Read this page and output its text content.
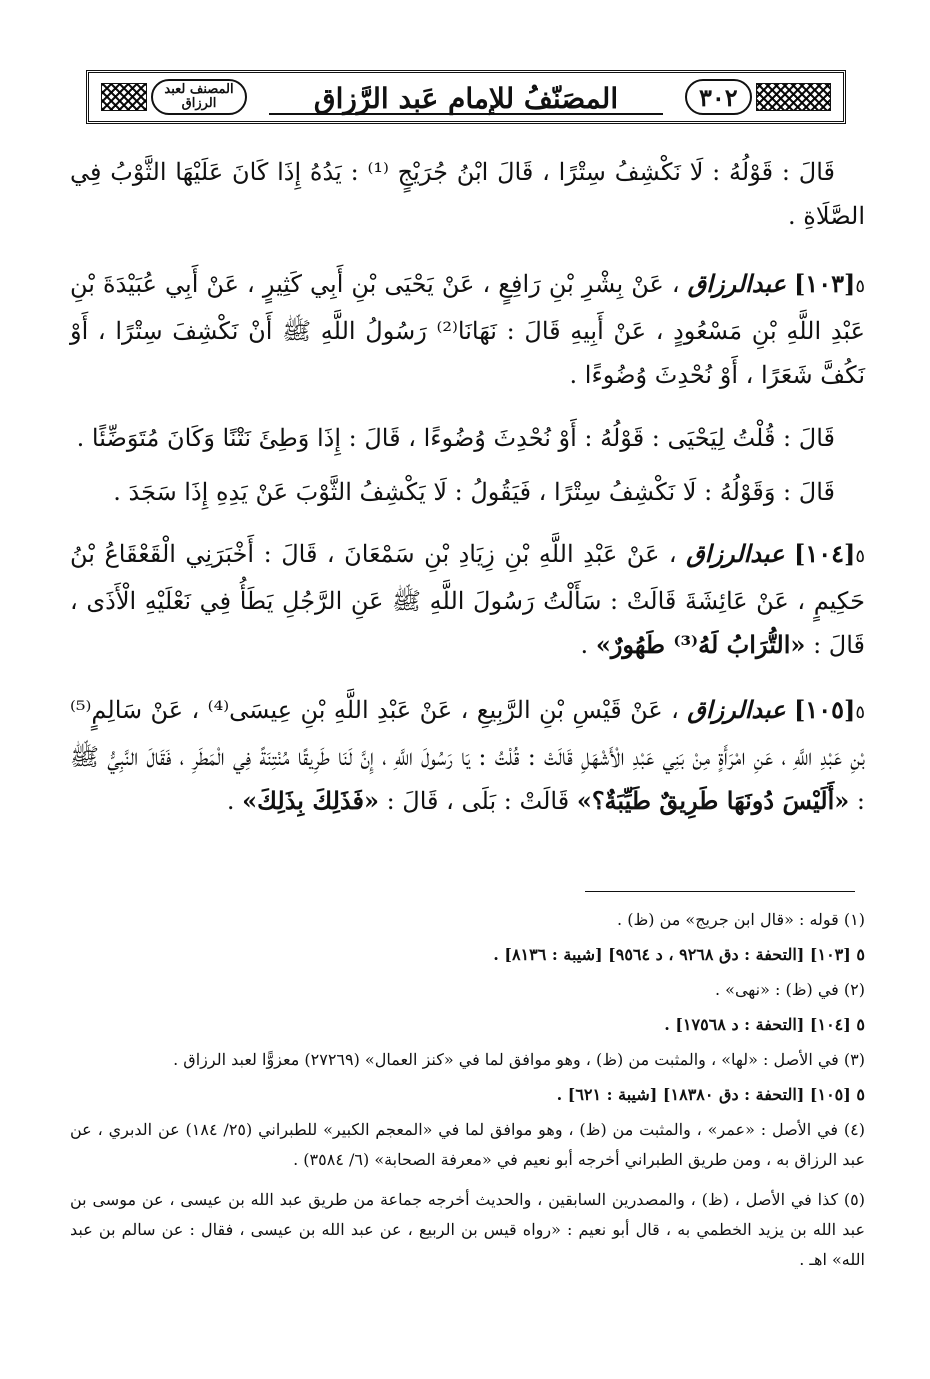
٣٠٢
المصَنّفُ للإمام عَبد الرَّزاق
المصنف لعبد الرزاق
قَالَ : قَوْلُهُ : لَا نَكْشِفُ سِتْرًا ، قَالَ ابْنُ جُرَيْجٍ ⁽¹⁾ : يَدُهُ إِذَا كَانَ عَلَيْهَا الثَّوْبُ فِي الصَّلَاةِ .
٥[١٠٣] عبدالرزاق ، عَنْ بِشْرِ بْنِ رَافِعٍ ، عَنْ يَحْيَى بْنِ أَبِي كَثِيرٍ ، عَنْ أَبِي عُبَيْدَةَ بْنِ عَبْدِ اللَّهِ بْنِ مَسْعُودٍ ، عَنْ أَبِيهِ قَالَ : نَهَانَا⁽²⁾ رَسُولُ اللَّهِ ﷺ أَنْ نَكْشِفَ سِتْرًا ، أَوْ نَكُفَّ شَعَرًا ، أَوْ نُحْدِثَ وُضُوءًا .
قَالَ : قُلْتُ لِيَحْيَى : قَوْلُهُ : أَوْ نُحْدِثَ وُضُوءًا ، قَالَ : إِذَا وَطِئَ نَتْنًا وَكَانَ مُتَوَضِّئًا .
قَالَ : وَقَوْلُهُ : لَا نَكْشِفُ سِتْرًا ، فَيَقُولُ : لَا يَكْشِفُ الثَّوْبَ عَنْ يَدِهِ إِذَا سَجَدَ .
٥[١٠٤] عبدالرزاق ، عَنْ عَبْدِ اللَّهِ بْنِ زِيَادِ بْنِ سَمْعَانَ ، قَالَ : أَخْبَرَنِي الْقَعْقَاعُ بْنُ حَكِيمٍ ، عَنْ عَائِشَةَ قَالَتْ : سَأَلْتُ رَسُولَ اللَّهِ ﷺ عَنِ الرَّجُلِ يَطَأُ فِي نَعْلَيْهِ الْأَذَى ، قَالَ : «التُّرَابُ لَهُ⁽³⁾ طَهُورٌ» .
٥[١٠٥] عبدالرزاق ، عَنْ قَيْسِ بْنِ الرَّبِيعِ ، عَنْ عَبْدِ اللَّهِ بْنِ عِيسَى⁽⁴⁾ ، عَنْ سَالِمٍ⁽⁵⁾ بْنِ عَبْدِ اللَّهِ ، عَنِ امْرَأَةٍ مِنْ بَنِي عَبْدِ الْأَشْهَلِ قَالَتْ : قُلْتُ : يَا رَسُولَ اللَّهِ ، إِنَّ لَنَا طَرِيقًا مُنْتِنَةً فِي الْمَطَرِ ، فَقَالَ النَّبِيُّ ﷺ : «أَلَيْسَ دُونَهَا طَرِيقٌ طَيِّبَةٌ؟» قَالَتْ : بَلَى ، قَالَ : «فَذَلِكَ بِذَلِكَ» .
(١) قوله : «قال ابن جريج» من (ظ) .
٥ [١٠٣] [التحفة : دق ٩٢٦٨ ، د ٩٥٦٤] [شيبة : ٨١٣٦] .
(٢) في (ظ) : «نهى» .
٥ [١٠٤] [التحفة : د ١٧٥٦٨] .
(٣) في الأصل : «لها» ، والمثبت من (ظ) ، وهو موافق لما في «كنز العمال» (٢٧٢٦٩) معزوًّا لعبد الرزاق .
٥ [١٠٥] [التحفة : دق ١٨٣٨٠] [شيبة : ٦٢١] .
(٤) في الأصل : «عمر» ، والمثبت من (ظ) ، وهو موافق لما في «المعجم الكبير» للطبراني (٢٥/ ١٨٤) عن الدبري ، عن عبد الرزاق به ، ومن طريق الطبراني أخرجه أبو نعيم في «معرفة الصحابة» (٦/ ٣٥٨٤) .
(٥) كذا في الأصل ، (ظ) ، والمصدرين السابقين ، والحديث أخرجه جماعة من طريق عبد الله بن عيسى ، عن موسى بن عبد الله بن يزيد الخطمي به ، قال أبو نعيم : «رواه قيس بن الربيع ، عن عبد الله بن عيسى ، فقال : عن سالم بن عبد الله» اهـ .
